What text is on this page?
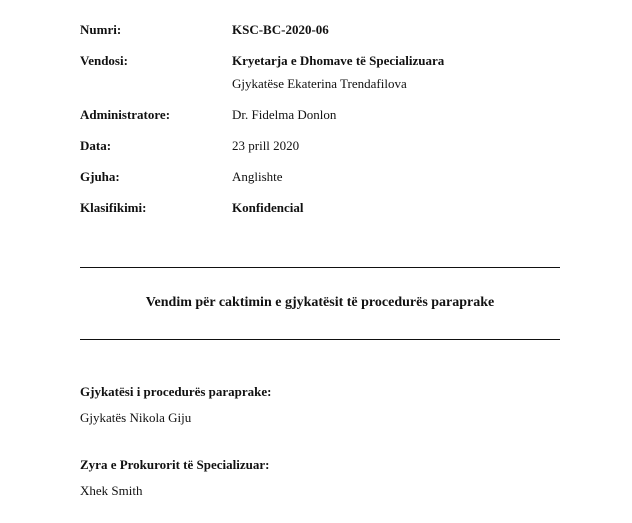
Numri:	KSC-BC-2020-06
Vendosi:	Kryetarja e Dhomave të Specializuara
Gjykatëse Ekaterina Trendafilova
Administratore:	Dr. Fidelma Donlon
Data:	23 prill 2020
Gjuha:	Anglishte
Klasifikimi:	Konfidencial
Vendim për caktimin e gjykatësit të procedurës paraprake
Gjykatësi i procedurës paraprake:
Gjykatës Nikola Giju
Zyra e Prokurorit të Specializuar:
Xhek Smith
